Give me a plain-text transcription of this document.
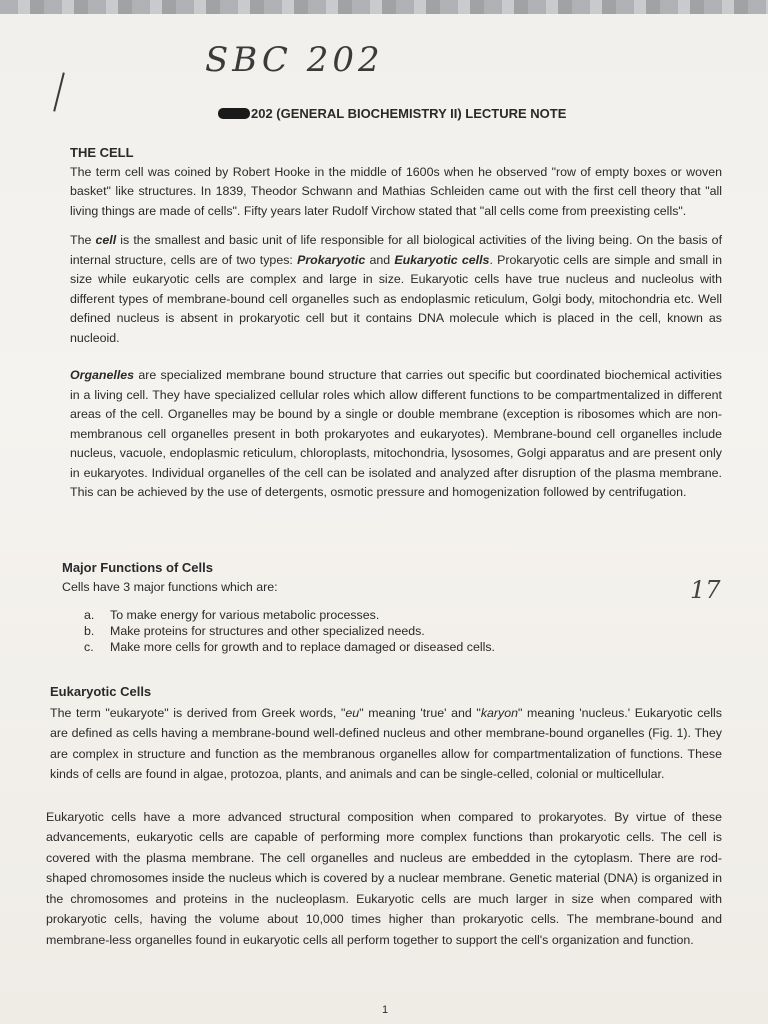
SBC 202
17
202 (GENERAL BIOCHEMISTRY II) LECTURE NOTE
THE CELL

The term cell was coined by Robert Hooke in the middle of 1600s when he observed "row of empty boxes or woven basket" like structures. In 1839, Theodor Schwann and Mathias Schleiden came out with the first cell theory that "all living things are made of cells". Fifty years later Rudolf Virchow stated that "all cells come from preexisting cells".

The cell is the smallest and basic unit of life responsible for all biological activities of the living being. On the basis of internal structure, cells are of two types: Prokaryotic and Eukaryotic cells. Prokaryotic cells are simple and small in size while eukaryotic cells are complex and large in size. Eukaryotic cells have true nucleus and nucleolus with different types of membrane-bound cell organelles such as endoplasmic reticulum, Golgi body, mitochondria etc. Well defined nucleus is absent in prokaryotic cell but it contains DNA molecule which is placed in the cell, known as nucleoid.

Organelles are specialized membrane bound structure that carries out specific but coordinated biochemical activities in a living cell. They have specialized cellular roles which allow different functions to be compartmentalized in different areas of the cell. Organelles may be bound by a single or double membrane (exception is ribosomes which are non-membranous cell organelles present in both prokaryotes and eukaryotes). Membrane-bound cell organelles include nucleus, vacuole, endoplasmic reticulum, chloroplasts, mitochondria, lysosomes, Golgi apparatus and are present only in eukaryotes. Individual organelles of the cell can be isolated and analyzed after disruption of the plasma membrane. This can be achieved by the use of detergents, osmotic pressure and homogenization followed by centrifugation.

Major Functions of Cells
Cells have 3 major functions which are:
a.	To make energy for various metabolic processes.
b.	Make proteins for structures and other specialized needs.
c.	Make more cells for growth and to replace damaged or diseased cells.
Eukaryotic Cells

The term "eukaryote" is derived from Greek words, "eu" meaning 'true' and "karyon" meaning 'nucleus.' Eukaryotic cells are defined as cells having a membrane-bound well-defined nucleus and other membrane-bound organelles (Fig. 1). They are complex in structure and function as the membranous organelles allow for compartmentalization of functions. These kinds of cells are found in algae, protozoa, plants, and animals and can be single-celled, colonial or multicellular.

Eukaryotic cells have a more advanced structural composition when compared to prokaryotes. By virtue of these advancements, eukaryotic cells are capable of performing more complex functions than prokaryotic cells. The cell is covered with the plasma membrane. The cell organelles and nucleus are embedded in the cytoplasm. There are rod-shaped chromosomes inside the nucleus which is covered by a nuclear membrane. Genetic material (DNA) is organized in the chromosomes and proteins in the nucleoplasm. Eukaryotic cells are much larger in size when compared with prokaryotic cells, having the volume about 10,000 times higher than prokaryotic cells. The membrane-bound and membrane-less organelles found in eukaryotic cells all perform together to support the cell's organization and function.

1
